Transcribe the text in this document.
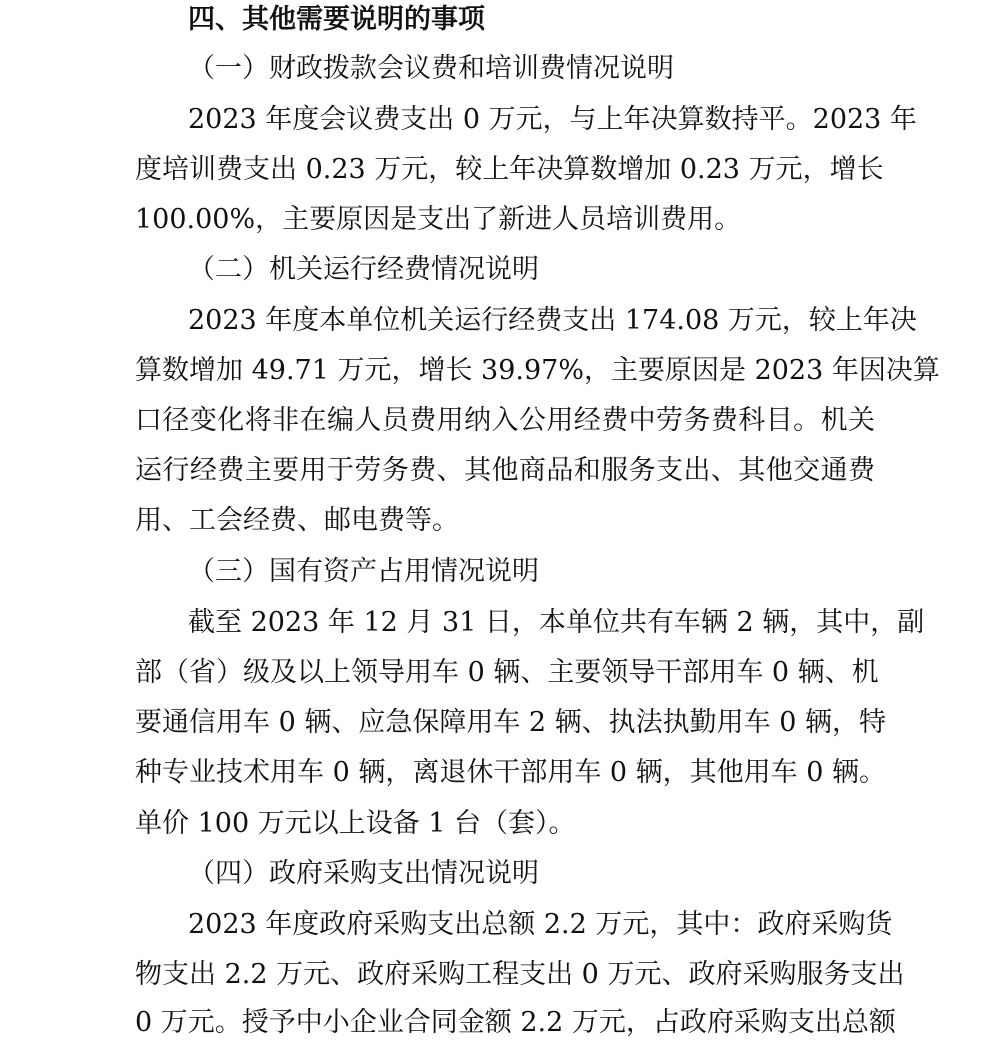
四、其他需要说明的事项

（一）财政拨款会议费和培训费情况说明

2023 年度会议费支出 0 万元，与上年决算数持平。2023 年

度培训费支出 0.23 万元，较上年决算数增加 0.23 万元，增长

100.00%，主要原因是支出了新进人员培训费用。

（二）机关运行经费情况说明

2023 年度本单位机关运行经费支出 174.08 万元，较上年决

算数增加 49.71 万元，增长 39.97%，主要原因是 2023 年因决算

口径变化将非在编人员费用纳入公用经费中劳务费科目。机关

运行经费主要用于劳务费、其他商品和服务支出、其他交通费

用、工会经费、邮电费等。

（三）国有资产占用情况说明

截至 2023 年 12 月 31 日，本单位共有车辆 2 辆，其中，副

部（省）级及以上领导用车 0 辆、主要领导干部用车 0 辆、机

要通信用车 0 辆、应急保障用车 2 辆、执法执勤用车 0 辆，特

种专业技术用车 0 辆，离退休干部用车 0 辆，其他用车 0 辆。

单价 100 万元以上设备 1 台（套）。

（四）政府采购支出情况说明

2023 年度政府采购支出总额 2.2 万元，其中：政府采购货

物支出 2.2 万元、政府采购工程支出 0 万元、政府采购服务支出

0 万元。授予中小企业合同金额 2.2 万元，占政府采购支出总额
